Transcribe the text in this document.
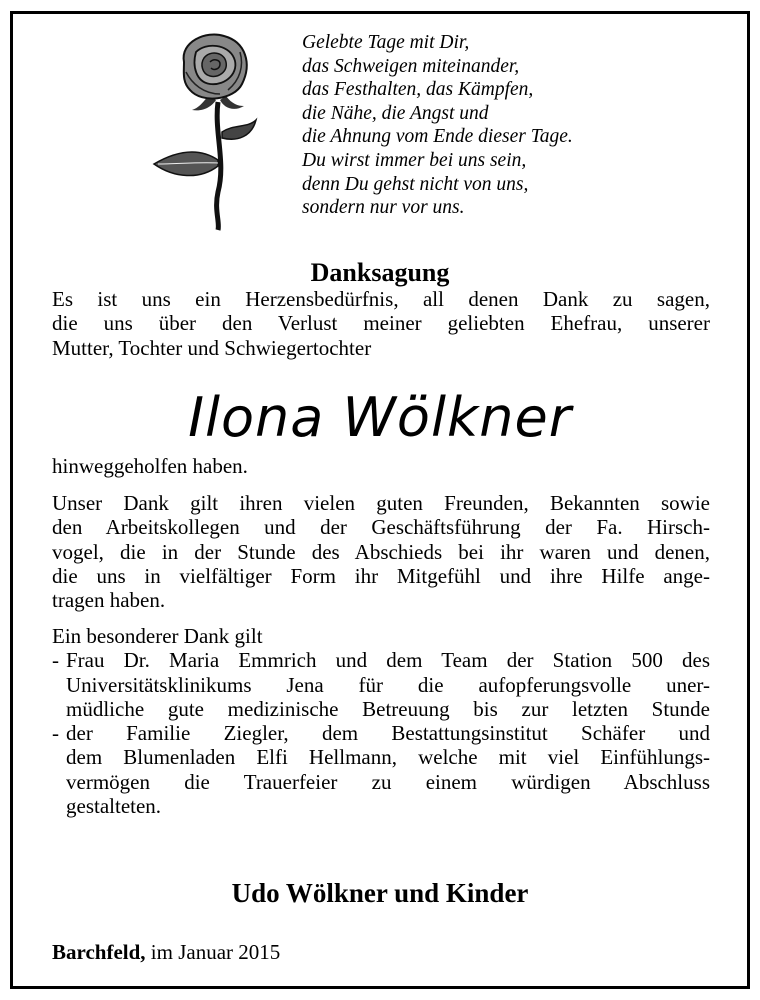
Gelebte Tage mit Dir,
das Schweigen miteinander,
das Festhalten, das Kämpfen,
die Nähe, die Angst und
die Ahnung vom Ende dieser Tage.
Du wirst immer bei uns sein,
denn Du gehst nicht von uns,
sondern nur vor uns.
Danksagung
Es ist uns ein Herzensbedürfnis, all denen Dank zu sagen,
die uns über den Verlust meiner geliebten Ehefrau, unserer
Mutter, Tochter und Schwiegertochter
Ilona Wölkner
hinweggeholfen haben.
Unser Dank gilt ihren vielen guten Freunden, Bekannten sowie
den Arbeitskollegen und der Geschäftsführung der Fa. Hirsch-
vogel, die in der Stunde des Abschieds bei ihr waren und denen,
die uns in vielfältiger Form ihr Mitgefühl und ihre Hilfe ange-
tragen haben.
Ein besonderer Dank gilt
- Frau Dr. Maria Emmrich und dem Team der Station 500 des
Universitätsklinikums Jena für die aufopferungsvolle uner-
müdliche gute medizinische Betreuung bis zur letzten Stunde
- der Familie Ziegler, dem Bestattungsinstitut Schäfer und
dem Blumenladen Elfi Hellmann, welche mit viel Einfühlungs-
vermögen die Trauerfeier zu einem würdigen Abschluss
gestalteten.
Udo Wölkner und Kinder
Barchfeld, im Januar 2015
